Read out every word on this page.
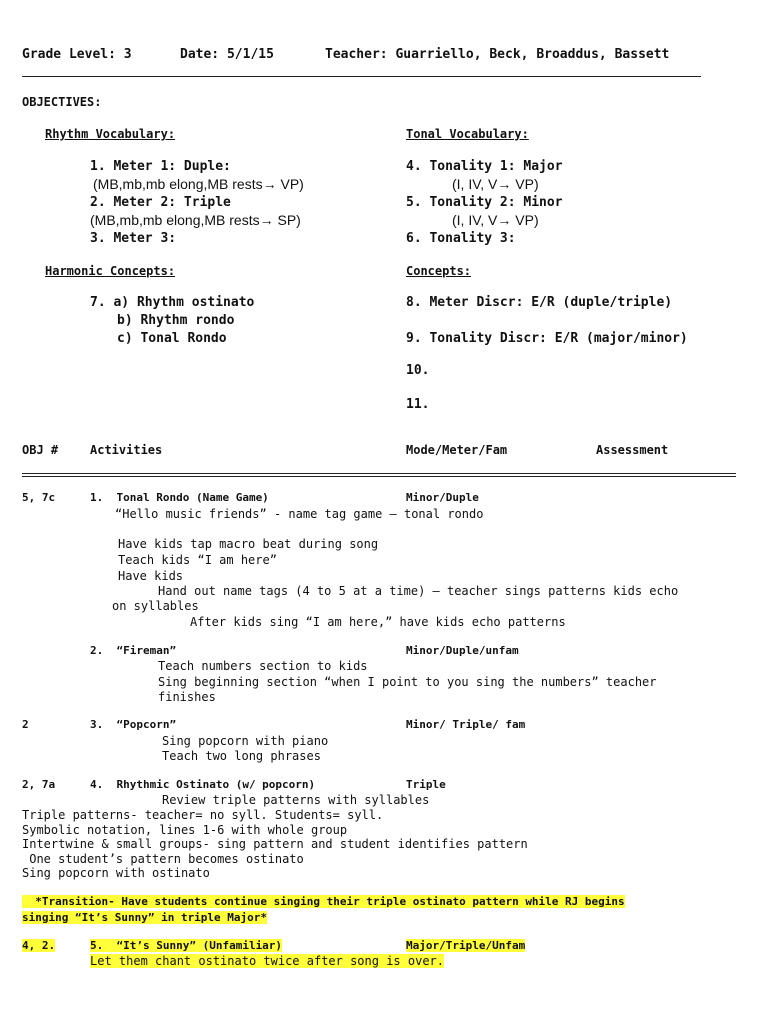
Grade Level: 3	Date: 5/1/15	Teacher: Guarriello, Beck, Broaddus, Bassett
OBJECTIVES:
Rhythm Vocabulary:
1. Meter 1: Duple:
(MB,mb,mb elong,MB rests→ VP)
2. Meter 2: Triple
(MB,mb,mb elong,MB rests→ SP)
3. Meter 3:
Tonal Vocabulary:
4. Tonality 1: Major
(I, IV, V→ VP)
5. Tonality 2: Minor
(I, IV, V→ VP)
6. Tonality 3:
Harmonic Concepts:
7. a) Rhythm ostinato
b) Rhythm rondo
c) Tonal Rondo
Concepts:
8. Meter Discr: E/R (duple/triple)
9. Tonality Discr: E/R (major/minor)
10.
11.
OBJ #	Activities	Mode/Meter/Fam	Assessment
5, 7c	1.  Tonal Rondo (Name Game)	Minor/Duple
“Hello music friends” - name tag game – tonal rondo
Have kids tap macro beat during song
Teach kids “I am here”
Have kids
Hand out name tags (4 to 5 at a time) – teacher sings patterns kids echo
on syllables
After kids sing “I am here,” have kids echo patterns
2.  “Fireman”	Minor/Duple/unfam
Teach numbers section to kids
Sing beginning section “when I point to you sing the numbers” teacher
finishes
2	3.  “Popcorn”	Minor/ Triple/ fam
Sing popcorn with piano
Teach two long phrases
2, 7a	4.  Rhythmic Ostinato (w/ popcorn)	Triple
Review triple patterns with syllables
Triple patterns- teacher= no syll. Students= syll.
Symbolic notation, lines 1-6 with whole group
Intertwine & small groups- sing pattern and student identifies pattern
One student’s pattern becomes ostinato
Sing popcorn with ostinato
*Transition- Have students continue singing their triple ostinato pattern while RJ begins
singing “It’s Sunny” in triple Major*
4, 2.	5.  “It’s Sunny” (Unfamiliar)	Major/Triple/Unfam
Let them chant ostinato twice after song is over.
